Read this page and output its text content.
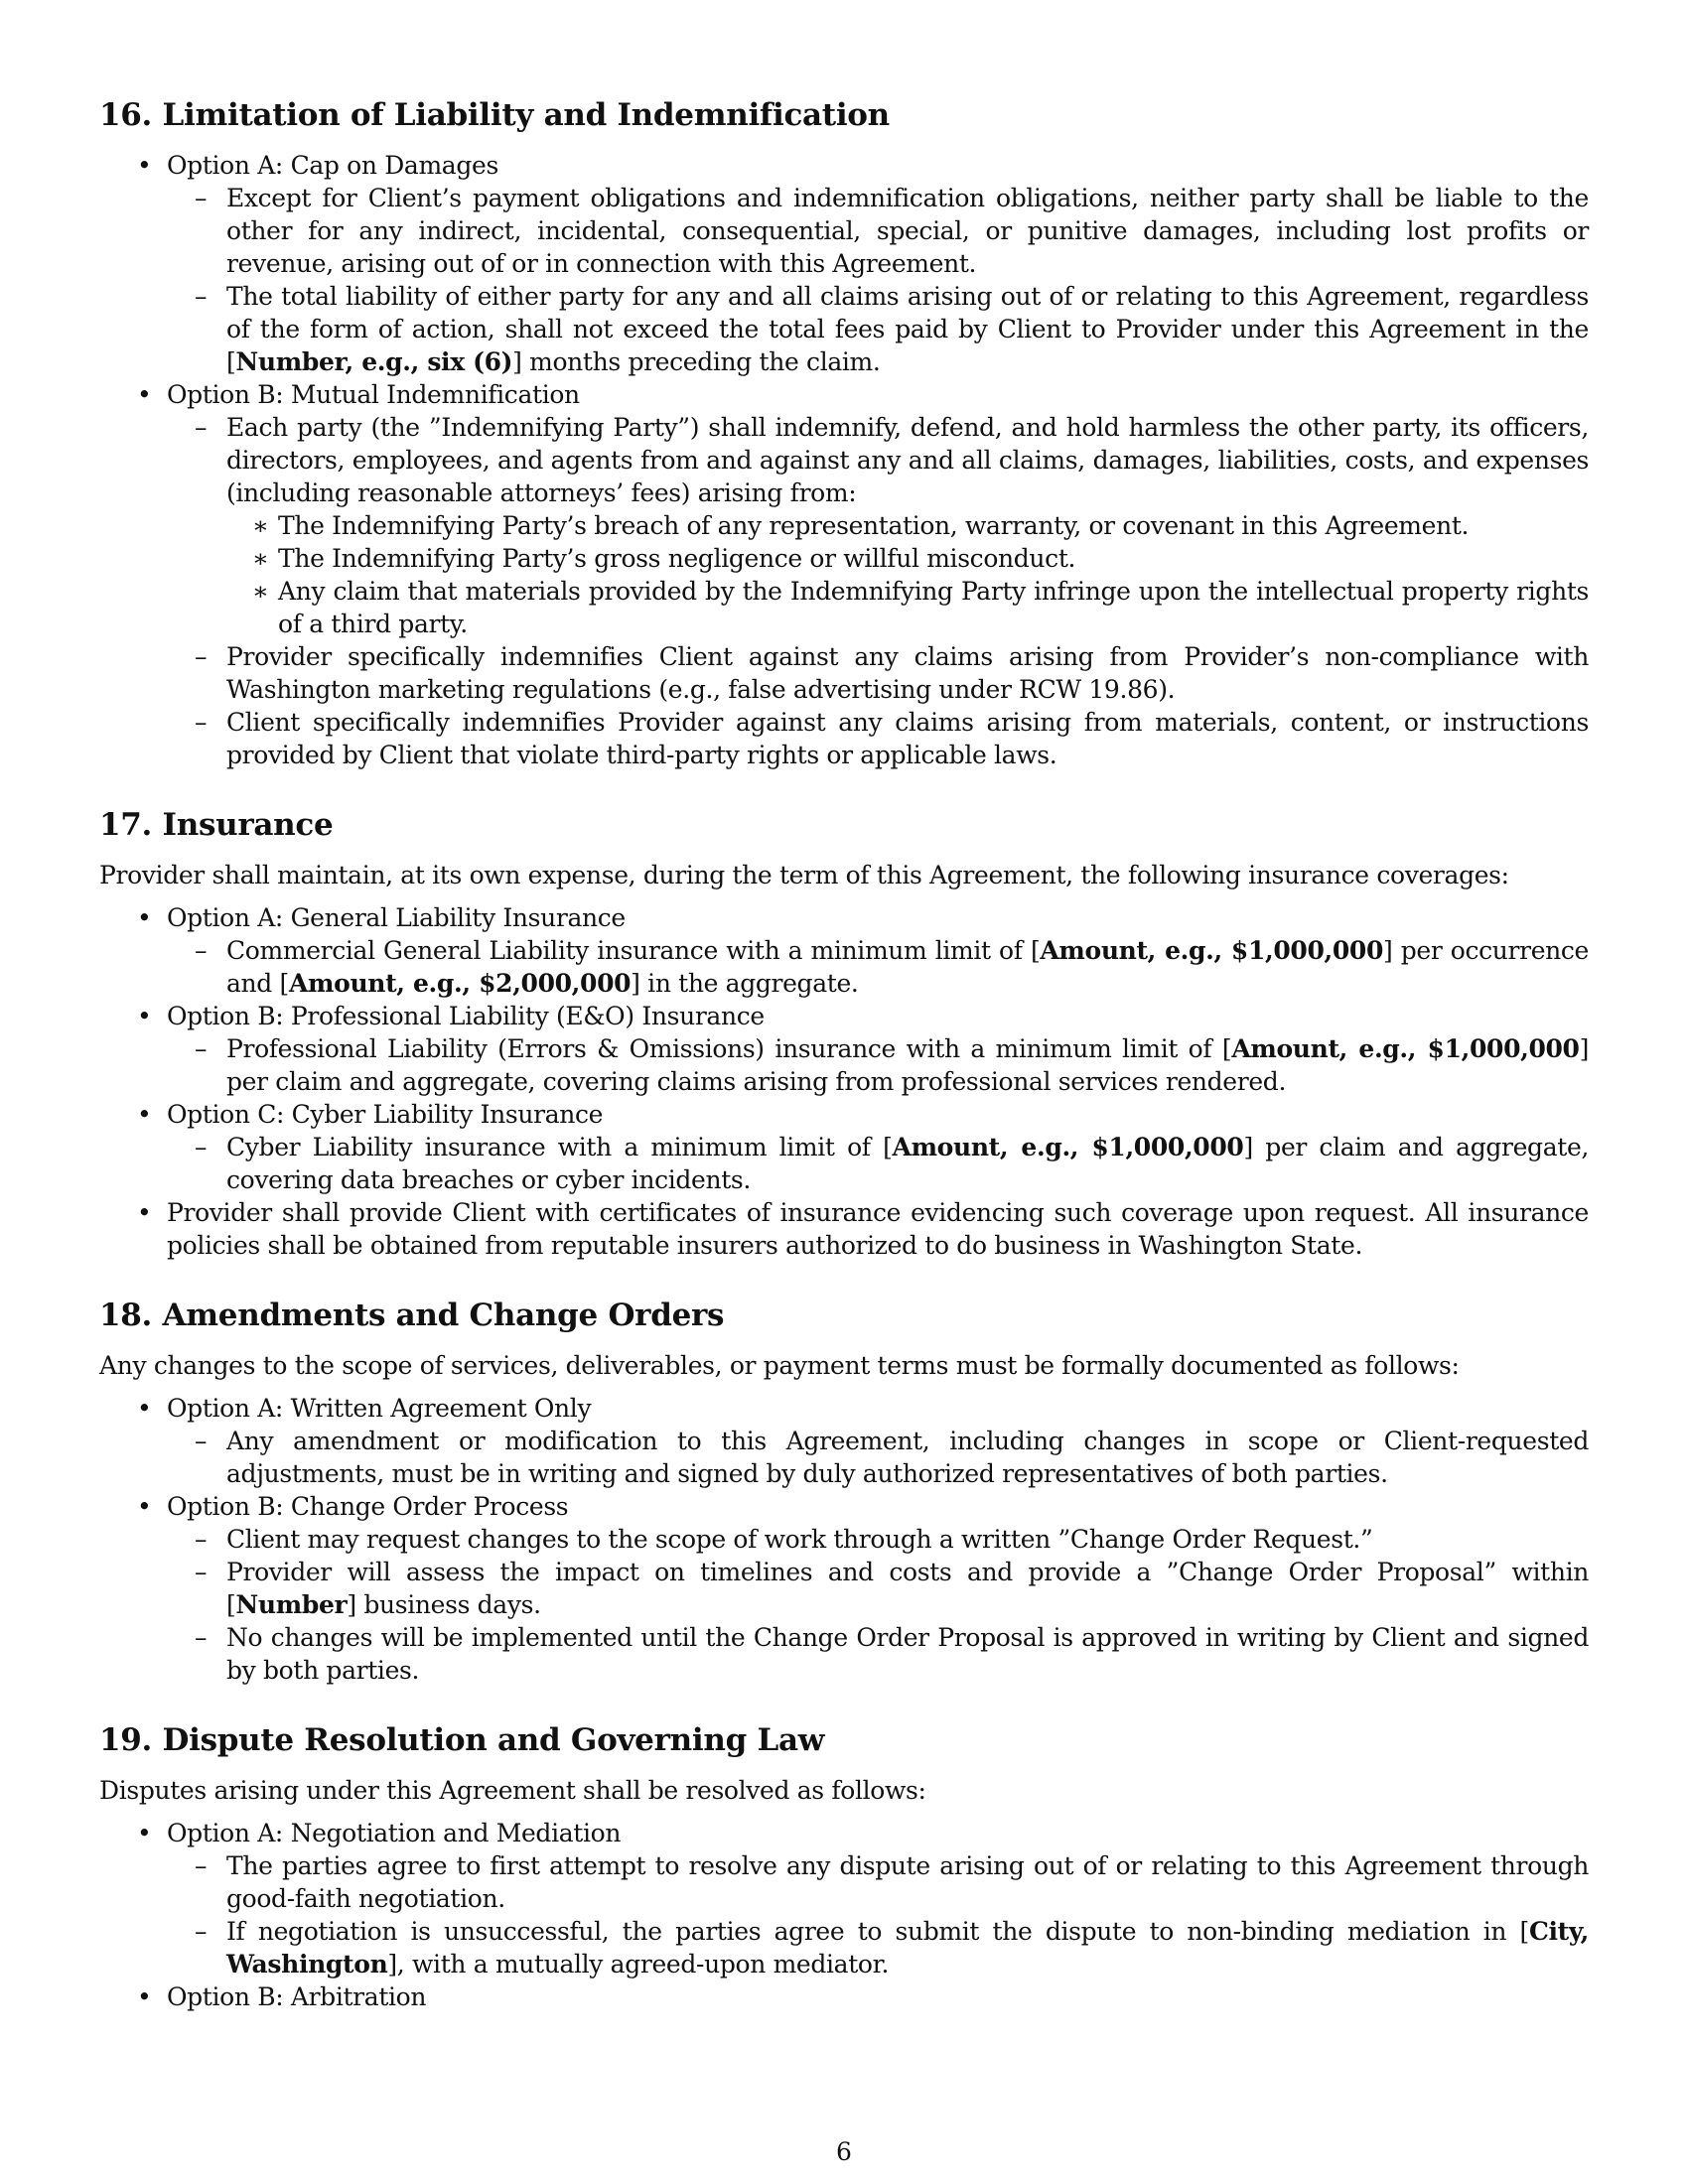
16. Limitation of Liability and Indemnification
• Option A: Cap on Damages
– Except for Client’s payment obligations and indemnification obligations, neither party shall be liable to the other for any indirect, incidental, consequential, special, or punitive damages, including lost profits or revenue, arising out of or in connection with this Agreement.
– The total liability of either party for any and all claims arising out of or relating to this Agreement, regardless of the form of action, shall not exceed the total fees paid by Client to Provider under this Agreement in the [Number, e.g., six (6)] months preceding the claim.
• Option B: Mutual Indemnification
– Each party (the ”Indemnifying Party”) shall indemnify, defend, and hold harmless the other party, its officers, directors, employees, and agents from and against any and all claims, damages, liabilities, costs, and expenses (including reasonable attorneys’ fees) arising from:
∗ The Indemnifying Party’s breach of any representation, warranty, or covenant in this Agreement.
∗ The Indemnifying Party’s gross negligence or willful misconduct.
∗ Any claim that materials provided by the Indemnifying Party infringe upon the intellectual property rights of a third party.
– Provider specifically indemnifies Client against any claims arising from Provider’s non-compliance with Washington marketing regulations (e.g., false advertising under RCW 19.86).
– Client specifically indemnifies Provider against any claims arising from materials, content, or instructions provided by Client that violate third-party rights or applicable laws.
17. Insurance

Provider shall maintain, at its own expense, during the term of this Agreement, the following insurance coverages:

• Option A: General Liability Insurance
– Commercial General Liability insurance with a minimum limit of [Amount, e.g., $1,000,000] per occurrence and [Amount, e.g., $2,000,000] in the aggregate.
• Option B: Professional Liability (E&O) Insurance
– Professional Liability (Errors & Omissions) insurance with a minimum limit of [Amount, e.g., $1,000,000] per claim and aggregate, covering claims arising from professional services rendered.
• Option C: Cyber Liability Insurance
– Cyber Liability insurance with a minimum limit of [Amount, e.g., $1,000,000] per claim and aggregate, covering data breaches or cyber incidents.
• Provider shall provide Client with certificates of insurance evidencing such coverage upon request. All insurance policies shall be obtained from reputable insurers authorized to do business in Washington State.
18. Amendments and Change Orders

Any changes to the scope of services, deliverables, or payment terms must be formally documented as follows:

• Option A: Written Agreement Only
– Any amendment or modification to this Agreement, including changes in scope or Client-requested adjustments, must be in writing and signed by duly authorized representatives of both parties.
• Option B: Change Order Process
– Client may request changes to the scope of work through a written ”Change Order Request.”
– Provider will assess the impact on timelines and costs and provide a ”Change Order Proposal” within [Number] business days.
– No changes will be implemented until the Change Order Proposal is approved in writing by Client and signed by both parties.
19. Dispute Resolution and Governing Law

Disputes arising under this Agreement shall be resolved as follows:

• Option A: Negotiation and Mediation
– The parties agree to first attempt to resolve any dispute arising out of or relating to this Agreement through good-faith negotiation.
– If negotiation is unsuccessful, the parties agree to submit the dispute to non-binding mediation in [City, Washington], with a mutually agreed-upon mediator.
• Option B: Arbitration
6
